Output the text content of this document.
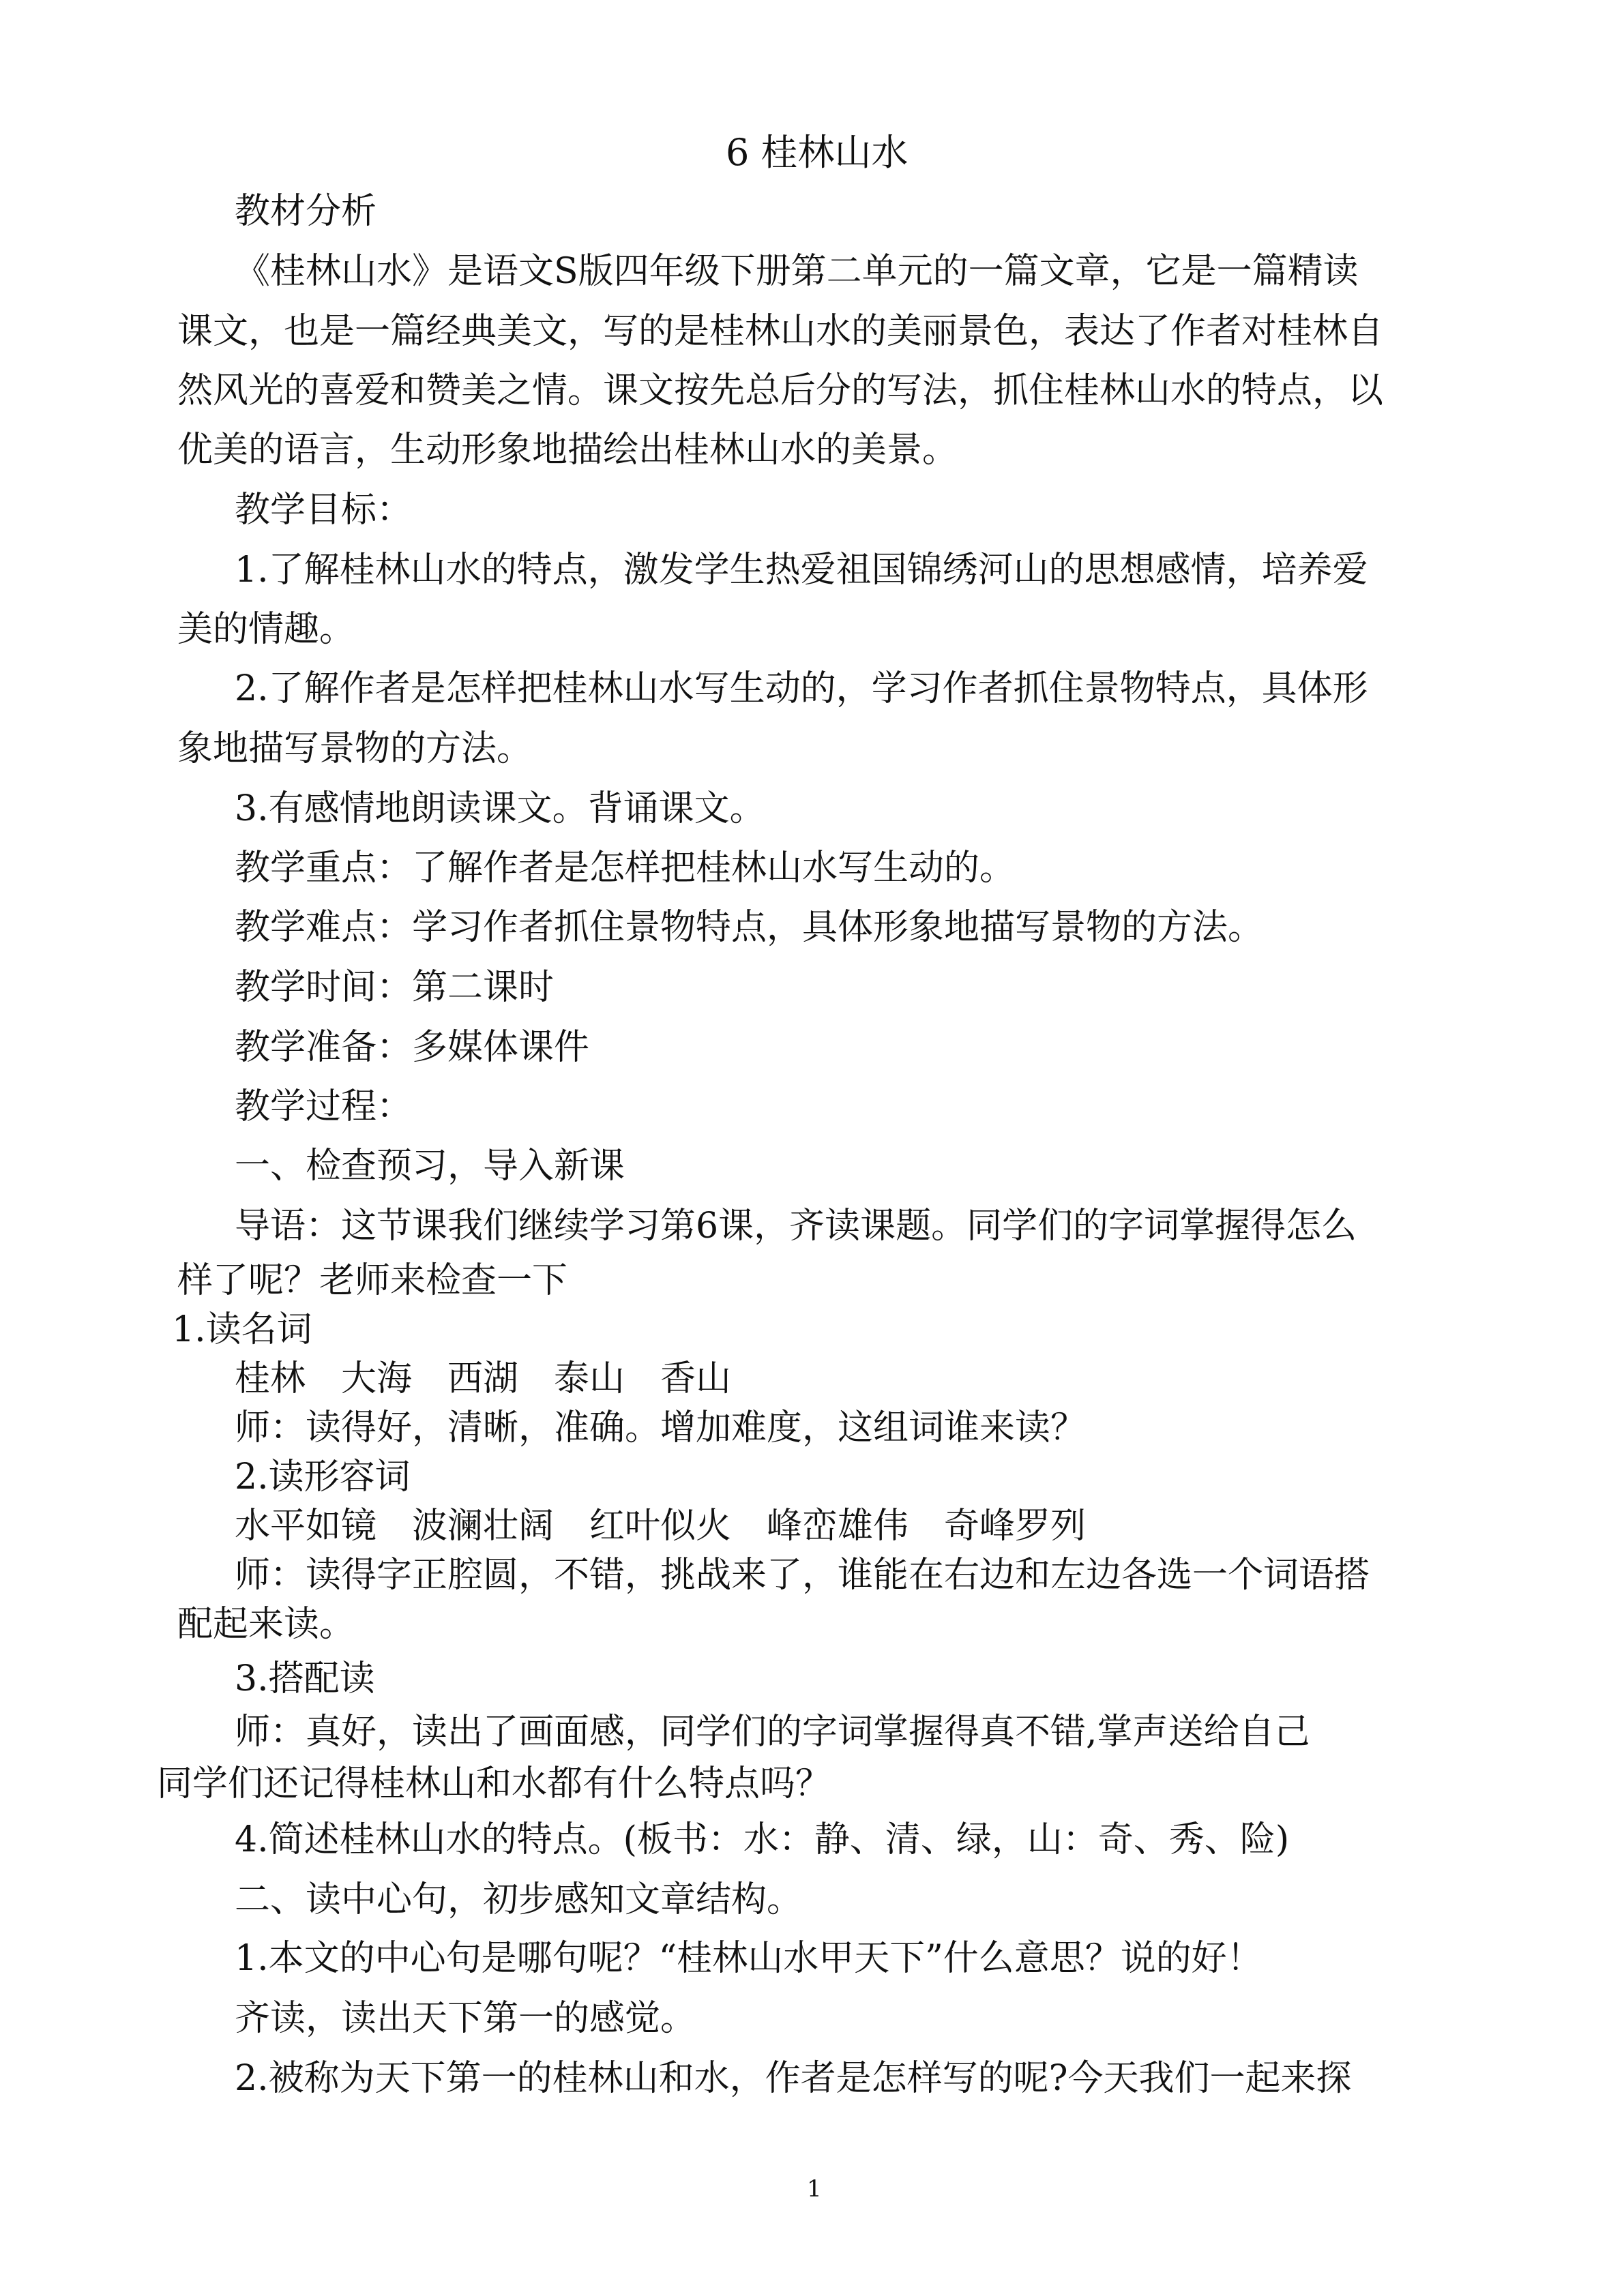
6 桂林山水
教材分析
《桂林山水》是语文S版四年级下册第二单元的一篇文章，它是一篇精读
课文，也是一篇经典美文，写的是桂林山水的美丽景色，表达了作者对桂林自
然风光的喜爱和赞美之情。课文按先总后分的写法，抓住桂林山水的特点，以
优美的语言，生动形象地描绘出桂林山水的美景。
教学目标：
1.了解桂林山水的特点，激发学生热爱祖国锦绣河山的思想感情，培养爱
美的情趣。
2.了解作者是怎样把桂林山水写生动的，学习作者抓住景物特点，具体形
象地描写景物的方法。
3.有感情地朗读课文。背诵课文。
教学重点：了解作者是怎样把桂林山水写生动的。
教学难点：学习作者抓住景物特点，具体形象地描写景物的方法。
教学时间：第二课时
教学准备：多媒体课件
教学过程：
一、检查预习，导入新课
导语：这节课我们继续学习第6课，齐读课题。同学们的字词掌握得怎么
样了呢？老师来检查一下
1.读名词
桂林　大海　西湖　泰山　香山
师：读得好，清晰，准确。增加难度，这组词谁来读？
2.读形容词
水平如镜　波澜壮阔　红叶似火　峰峦雄伟　奇峰罗列
师：读得字正腔圆，不错，挑战来了，谁能在右边和左边各选一个词语搭
配起来读。
3.搭配读
师：真好，读出了画面感，同学们的字词掌握得真不错,掌声送给自己
同学们还记得桂林山和水都有什么特点吗？
4.简述桂林山水的特点。(板书：水：静、清、绿，山：奇、秀、险)
二、读中心句，初步感知文章结构。
1.本文的中心句是哪句呢？“桂林山水甲天下”什么意思？说的好！
齐读，读出天下第一的感觉。
2.被称为天下第一的桂林山和水，作者是怎样写的呢?今天我们一起来探
1
